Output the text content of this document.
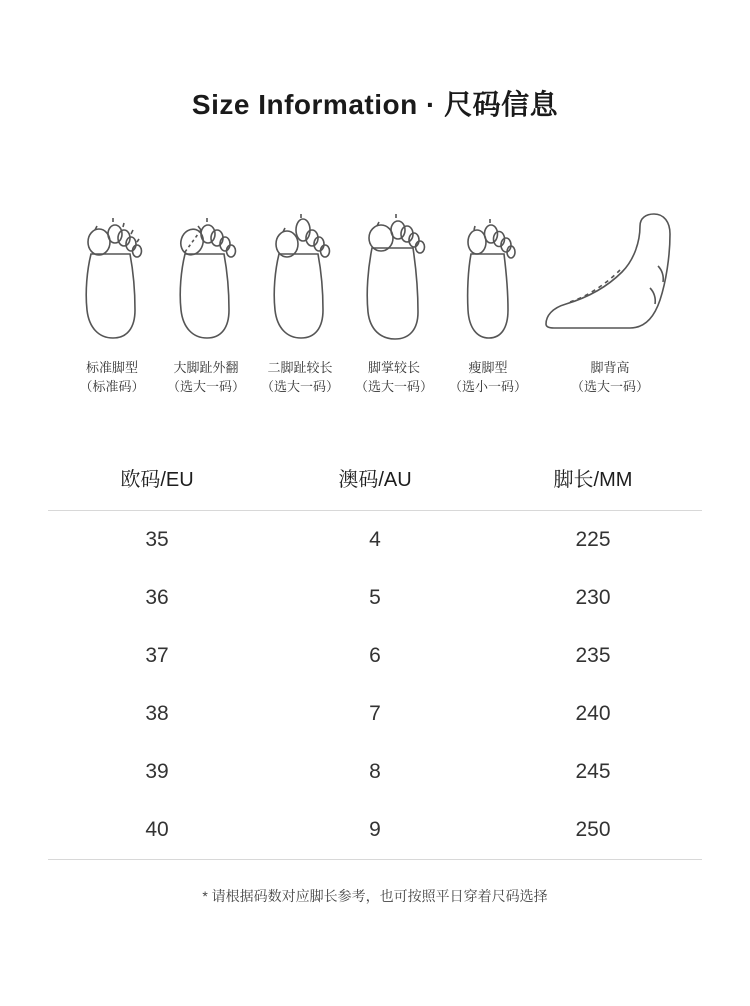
Size Information · 尺码信息
标准脚型
（标准码）
大脚趾外翻
（选大一码）
二脚趾较长
（选大一码）
脚掌较长
（选大一码）
瘦脚型
（选小一码）
脚背高
（选大一码）
欧码/EU	澳码/AU	脚长/MM
35	4	225
36	5	230
37	6	235
38	7	240
39	8	245
40	9	250
* 请根据码数对应脚长参考，也可按照平日穿着尺码选择
